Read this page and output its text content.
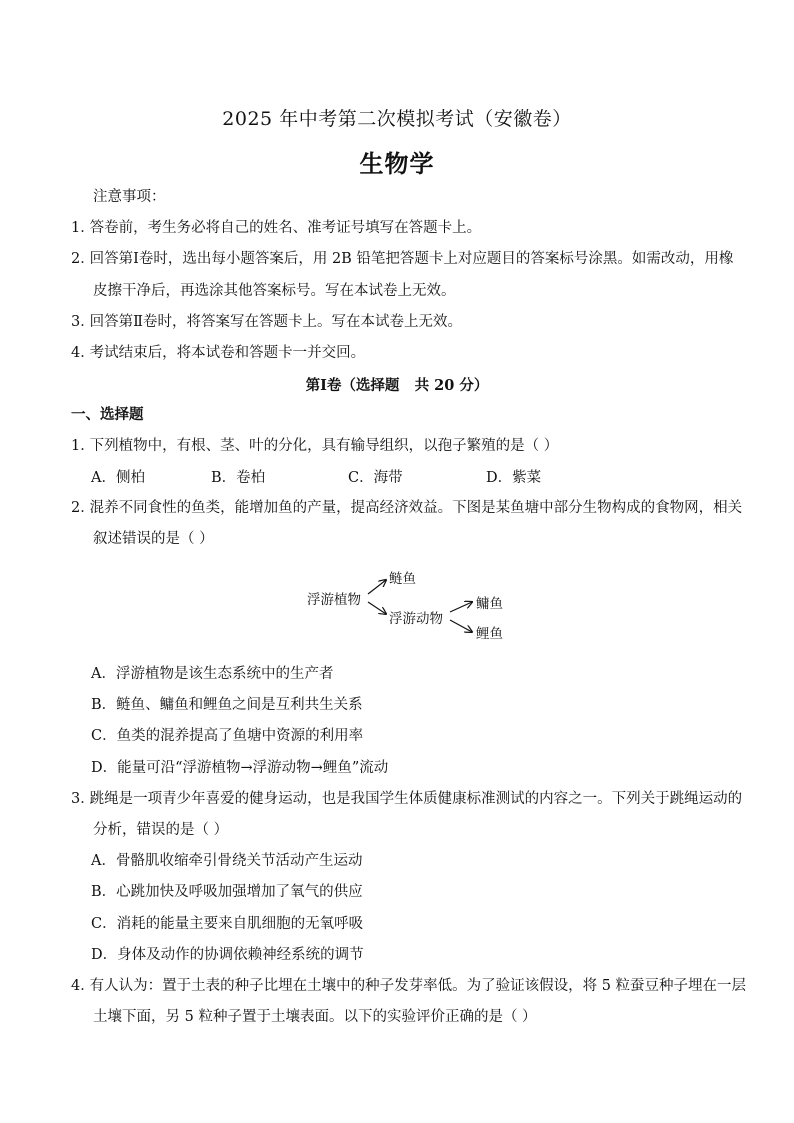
2025 年中考第二次模拟考试（安徽卷）
生物学
注意事项：
1． 答卷前，考生务必将自己的姓名、准考证号填写在答题卡上。
2． 回答第Ⅰ卷时，选出每小题答案后，用 2B 铅笔把答题卡上对应题目的答案标号涂黑。如需改动，用橡
皮擦干净后，再选涂其他答案标号。写在本试卷上无效。
3． 回答第Ⅱ卷时，将答案写在答题卡上。写在本试卷上无效。
4． 考试结束后，将本试卷和答题卡一并交回。
第Ⅰ卷（选择题   共 20 分）
一、选择题
1． 下列植物中，有根、茎、叶的分化，具有输导组织，以孢子繁殖的是（ ）
A．侧柏	B．卷柏	C．海带	D．紫菜
2． 混养不同食性的鱼类，能增加鱼的产量，提高经济效益。下图是某鱼塘中部分生物构成的食物网，相关
叙述错误的是（ ）
浮游植物
鲢鱼
浮游动物
鳙鱼
鲤鱼
A．浮游植物是该生态系统中的生产者
B．鲢鱼、鳙鱼和鲤鱼之间是互利共生关系
C．鱼类的混养提高了鱼塘中资源的利用率
D．能量可沿“浮游植物→浮游动物→鲤鱼”流动
3． 跳绳是一项青少年喜爱的健身运动，也是我国学生体质健康标准测试的内容之一。下列关于跳绳运动的
分析，错误的是（ ）
A．骨骼肌收缩牵引骨绕关节活动产生运动
B．心跳加快及呼吸加强增加了氧气的供应
C．消耗的能量主要来自肌细胞的无氧呼吸
D．身体及动作的协调依赖神经系统的调节
4． 有人认为：置于土表的种子比埋在土壤中的种子发芽率低。为了验证该假设，将 5 粒蚕豆种子埋在一层
土壤下面，另 5 粒种子置于土壤表面。以下的实验评价正确的是（ ）
